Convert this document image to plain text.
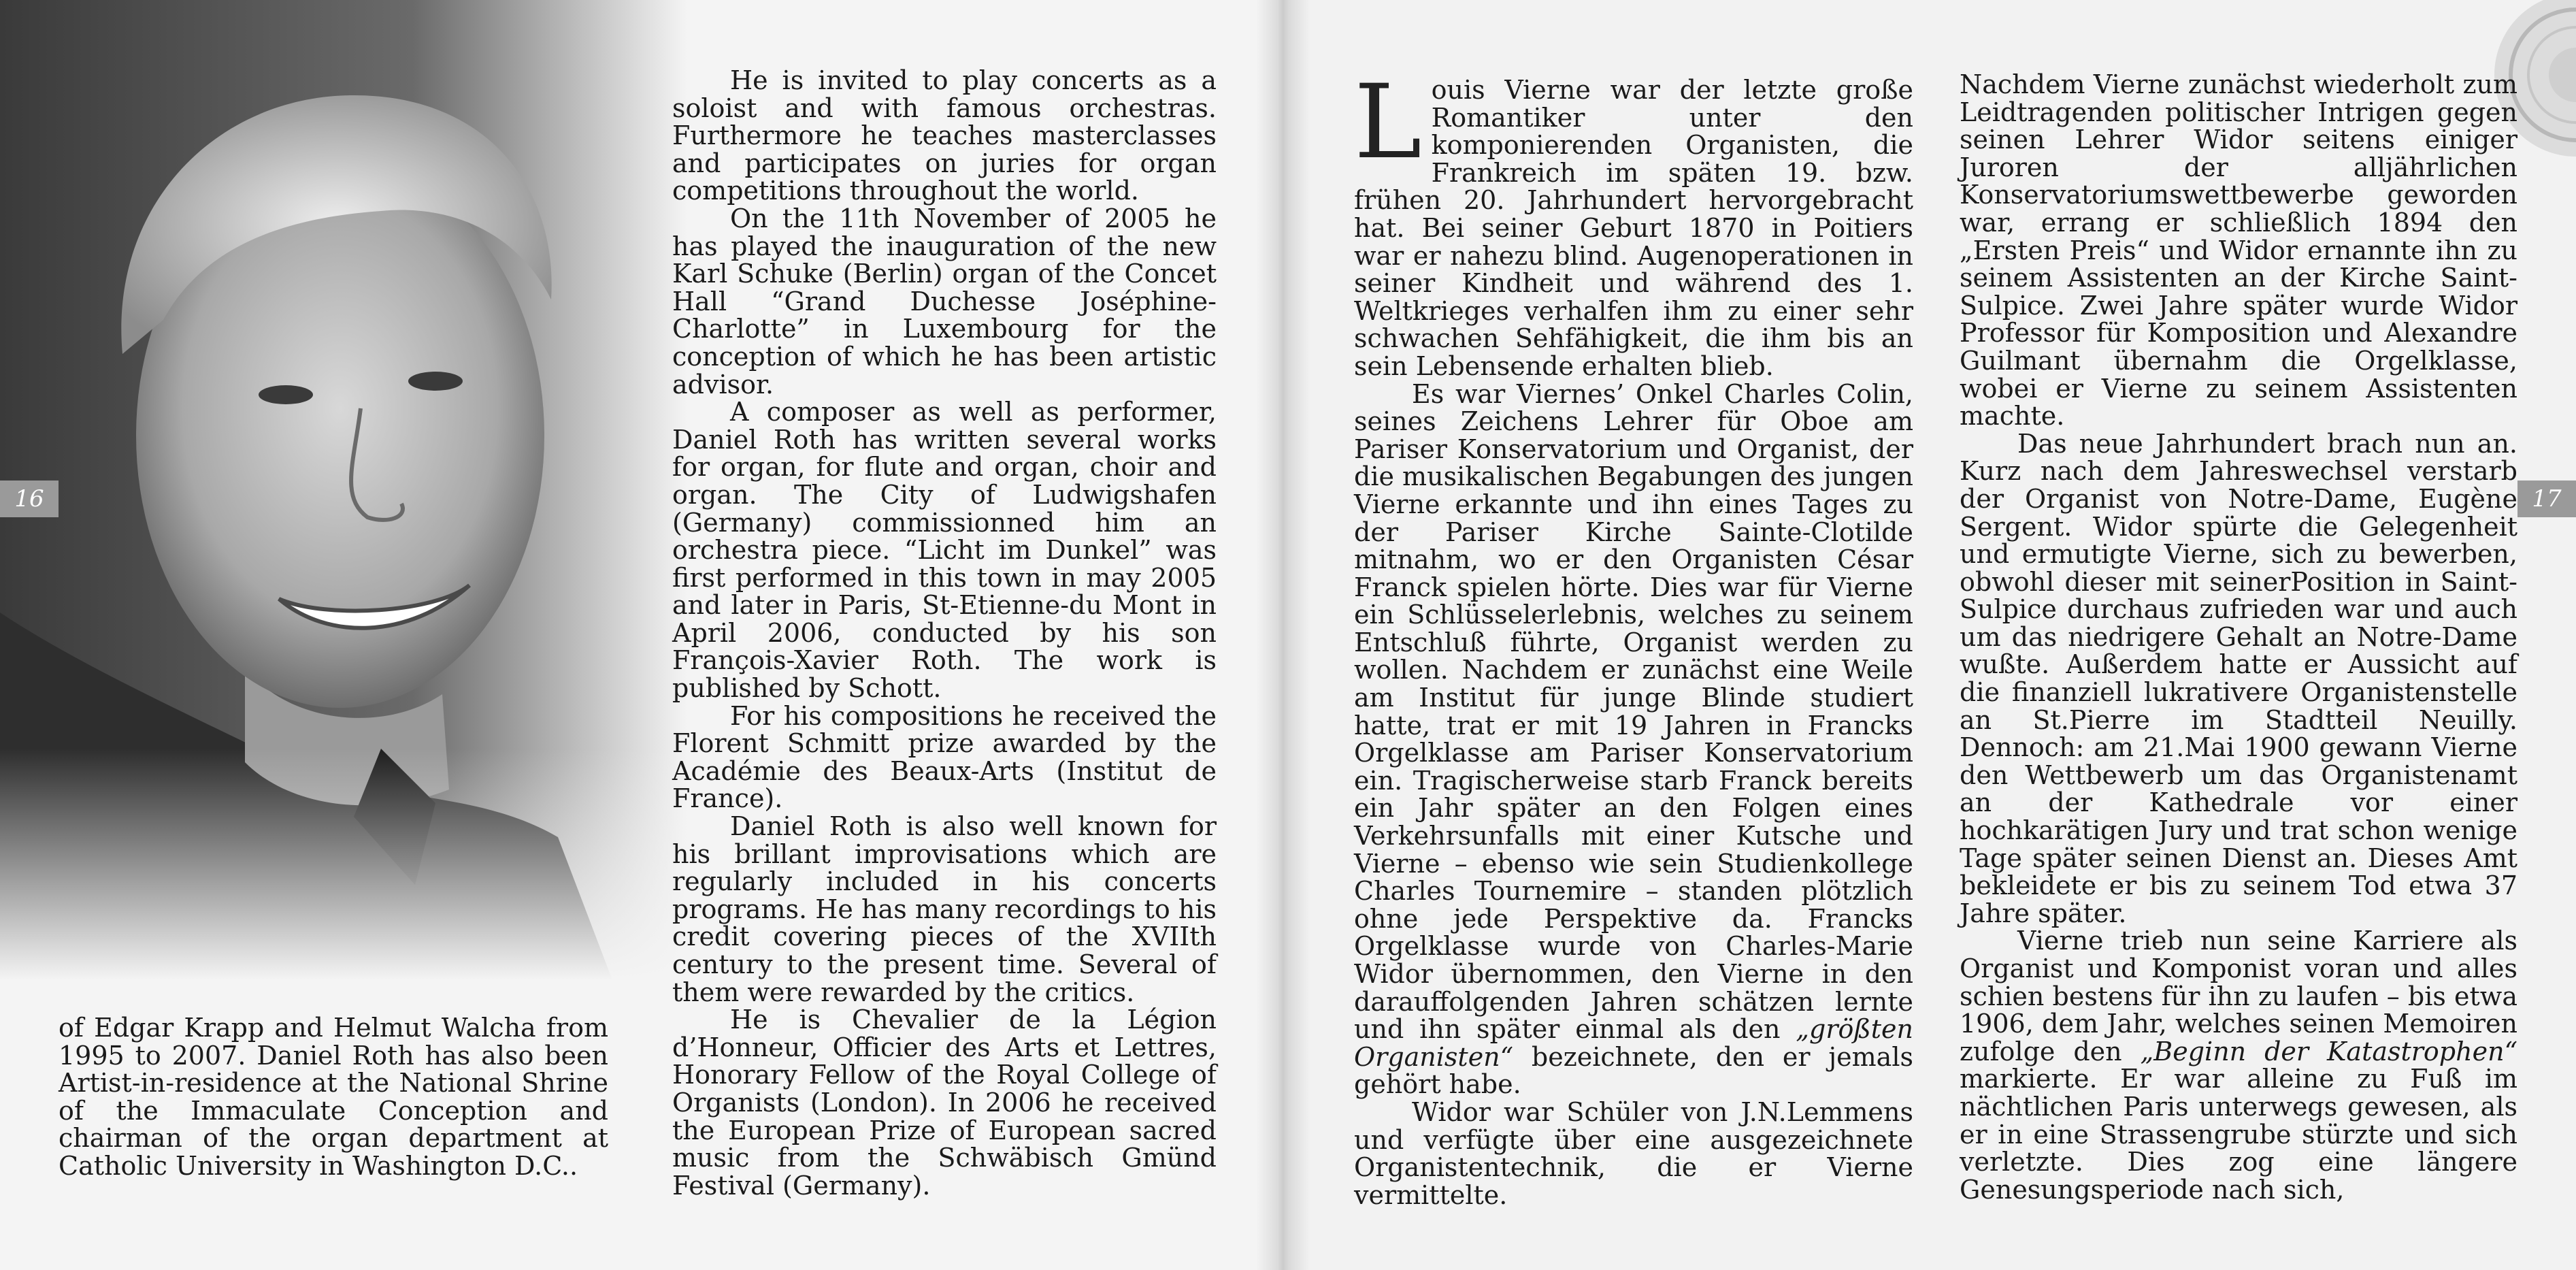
16

He is invited to play concerts as a soloist and with famous orchestras. Furthermore he teaches masterclasses and participates on juries for organ competitions throughout the world.

On the 11th November of 2005 he has played the inauguration of the new Karl Schuke (Berlin) organ of the Concet Hall “Grand Duchesse Joséphine-Charlotte” in Luxembourg for the conception of which he has been artistic advisor.

A composer as well as performer, Daniel Roth has written several works for organ, for flute and organ, choir and organ. The City of Ludwigshafen (Germany) commissionned him an orchestra piece. “Licht im Dunkel” was first performed in this town in may 2005 and later in Paris, St-Etienne-du Mont in April 2006, conducted by his son François-Xavier Roth. The work is published by Schott.

For his compositions he received the Florent Schmitt prize awarded by the Académie des Beaux-Arts (Institut de France).

Daniel Roth is also well known for his brillant improvisations which are regularly included in his concerts programs. He has many recordings to his credit covering pieces of the XVIIth century to the present time. Several of them were rewarded by the critics.

He is Chevalier de la Légion d’Honneur, Officier des Arts et Lettres, Honorary Fellow of the Royal College of Organists (London). In 2006 he received the European Prize of European sacred music from the Schwäbisch Gmünd Festival (Germany).

of Edgar Krapp and Helmut Walcha from 1995 to 2007. Daniel Roth has also been Artist-in-residence at the National Shrine of the Immaculate Conception and chairman of the organ department at Catholic University in Washington D.C..

Louis Vierne war der letzte große Romantiker unter den komponierenden Organisten, die Frankreich im späten 19. bzw. frühen 20. Jahrhundert hervorgebracht hat. Bei seiner Geburt 1870 in Poitiers war er nahezu blind. Augenoperationen in seiner Kindheit und während des 1. Weltkrieges verhalfen ihm zu einer sehr schwachen Sehfähigkeit, die ihm bis an sein Lebensende erhalten blieb.

Es war Viernes’ Onkel Charles Colin, seines Zeichens Lehrer für Oboe am Pariser Konservatorium und Organist, der die musikalischen Begabungen des jungen Vierne erkannte und ihn eines Tages zu der Pariser Kirche Sainte-Clotilde mitnahm, wo er den Organisten César Franck spielen hörte. Dies war für Vierne ein Schlüsselerlebnis, welches zu seinem Entschluß führte, Organist werden zu wollen. Nachdem er zunächst eine Weile am Institut für junge Blinde studiert hatte, trat er mit 19 Jahren in Francks Orgelklasse am Pariser Konservatorium ein. Tragischerweise starb Franck bereits ein Jahr später an den Folgen eines Verkehrsunfalls mit einer Kutsche und Vierne – ebenso wie sein Studienkollege Charles Tournemire – standen plötzlich ohne jede Perspektive da. Francks Orgelklasse wurde von Charles-Marie Widor übernommen, den Vierne in den darauffolgenden Jahren schätzen lernte und ihn später einmal als den „größten Organisten“ bezeichnete, den er jemals gehört habe.

Widor war Schüler von J.N.Lemmens und verfügte über eine ausgezeichnete Organistentechnik, die er Vierne vermittelte.

Nachdem Vierne zunächst wiederholt zum Leidtragenden politischer Intrigen gegen seinen Lehrer Widor seitens einiger Juroren der alljährlichen Konservatoriumswettbewerbe geworden war, errang er schließlich 1894 den „Ersten Preis“ und Widor ernannte ihn zu seinem Assistenten an der Kirche Saint-Sulpice. Zwei Jahre später wurde Widor Professor für Komposition und Alexandre Guilmant übernahm die Orgelklasse, wobei er Vierne zu seinem Assistenten machte.

Das neue Jahrhundert brach nun an. Kurz nach dem Jahreswechsel verstarb der Organist von Notre-Dame, Eugène Sergent. Widor spürte die Gelegenheit und ermutigte Vierne, sich zu bewerben, obwohl dieser mit seinerPosition in Saint-Sulpice durchaus zufrieden war und auch um das niedrigere Gehalt an Notre-Dame wußte. Außerdem hatte er Aussicht auf die finanziell lukrativere Organistenstelle an St.Pierre im Stadtteil Neuilly. Dennoch: am 21.Mai 1900 gewann Vierne den Wettbewerb um das Organistenamt an der Kathedrale vor einer hochkarätigen Jury und trat schon wenige Tage später seinen Dienst an. Dieses Amt bekleidete er bis zu seinem Tod etwa 37 Jahre später.

Vierne trieb nun seine Karriere als Organist und Komponist voran und alles schien bestens für ihn zu laufen – bis etwa 1906, dem Jahr, welches seinen Memoiren zufolge den „Beginn der Katastrophen“ markierte. Er war alleine zu Fuß im nächtlichen Paris unterwegs gewesen, als er in eine Strassengrube stürzte und sich verletzte. Dies zog eine längere Genesungsperiode nach sich,

17
